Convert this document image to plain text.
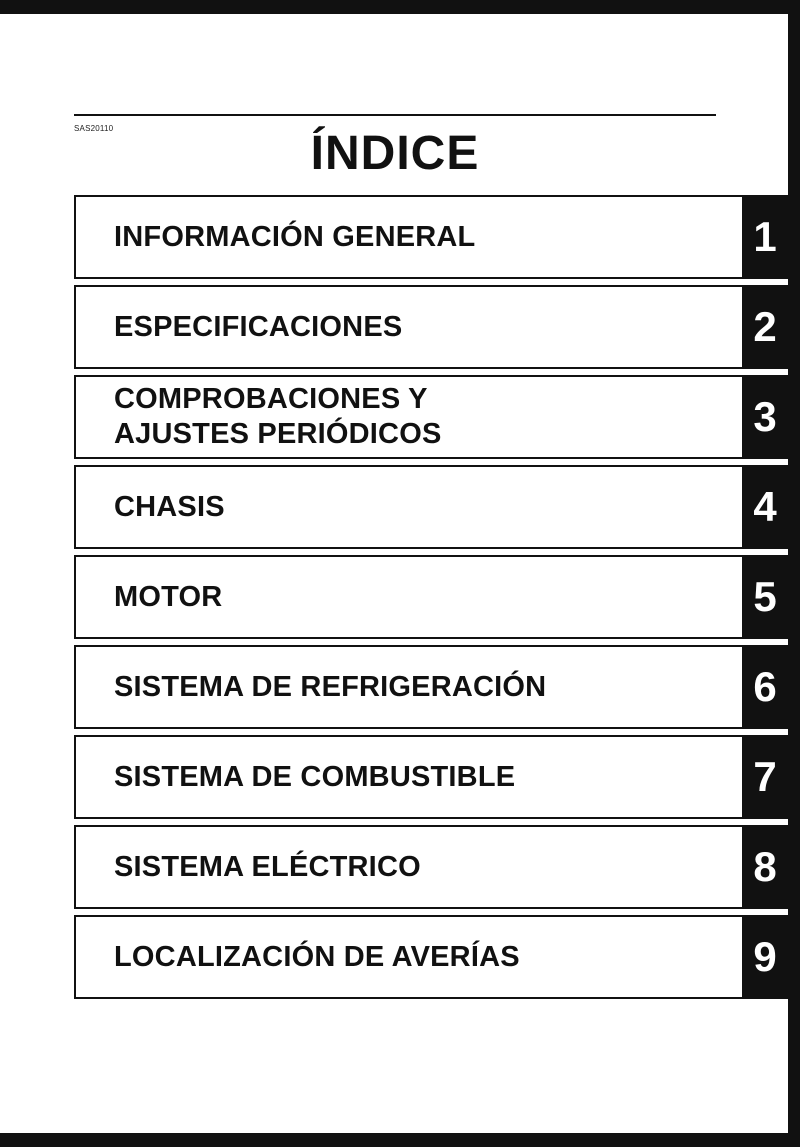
SAS20110	ÍNDICE
INFORMACIÓN GENERAL	1
ESPECIFICACIONES	2
COMPROBACIONES Y
AJUSTES PERIÓDICOS	3
CHASIS	4
MOTOR	5
SISTEMA DE REFRIGERACIÓN	6
SISTEMA DE COMBUSTIBLE	7
SISTEMA ELÉCTRICO	8
LOCALIZACIÓN DE AVERÍAS	9
